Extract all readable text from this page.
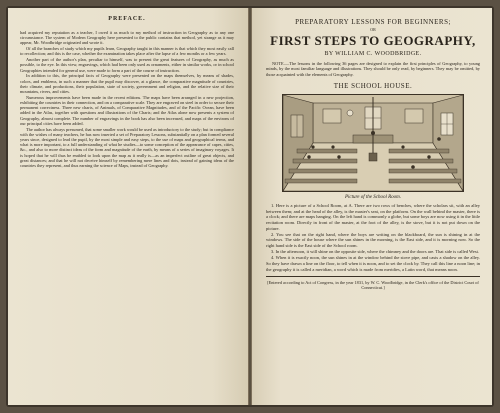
PREFACE.

had acquired my reputation as a teacher, I owed it as much to my method of instruction in Geography as to any one circumstance. The system of Modern Geography here presented to the public contains that method, yet strange as it may appear, Mr. Woodbridge originated and wrote it.

Of all the branches of study which my pupils learn, Geography taught in this manner is that which they most easily call to recollection; and this is the case, whether the examination takes place after the lapse of a few months or a few years.

Another part of the author's plan, peculiar to himself, was to present the great features of Geography, as much as possible, to the eye. In this view, engravings, which had been only used as ornaments, either in similar works, or in school Geographies intended for general use, were made to form a part of the course of instruction.

In addition to this, the principal facts of Geography were presented on the maps themselves, by means of shades, colors, and emblems, in such a manner that the pupil may discover, at a glance, the comparative magnitude of countries, their climate, and productions, their population, state of society, government and religion, and the relative size of their mountains, rivers, and cities.

Numerous improvements have been made in the recent editions. The maps have been arranged in a new projection, exhibiting the countries in their connection, and on a comparative scale. They are engraved on steel in order to secure their permanent correctness. Three new charts, of Animals, of Comparative Magnitudes, and of the Pacific Ocean, have been added in the Atlas, together with questions and illustrations of the Charts; and the Atlas alone now presents a system of Geography, almost complete. The number of engravings in the book has also been increased, and maps of the environs of our principal cities have been added.

The author has always presumed, that some smaller work would be used as introductory to the study; but in compliance with the wishes of many teachers, he has now inserted a set of Preparatory Lessons, substantially on a plan formed several years since, designed to lead the pupil, by the most simple and easy steps, to the use of maps and geographical terms, and what is more important, to a full understanding of what he studies—to some conception of the appearance of capes, cities, &c., and also to more distinct ideas of the form and magnitude of the earth, by means of a series of imaginary voyages. It is hoped that he will thus be enabled to look upon the map as it really is—as an imperfect outline of great objects, and great distances; and that he will not deceive himself by remembering mere lines and dots, instead of gaining ideas of the countries they represent, and thus earning the science of Maps, instead of Geography.

PREPARATORY LESSONS FOR BEGINNERS;
OR
FIRST STEPS TO GEOGRAPHY,
BY WILLIAM C. WOODBRIDGE.
NOTE.—The lessons in the following 36 pages are designed to explain the first principles of Geography, to young minds, by the most familiar language and illustrations. They should be only read, by beginners. They may be omitted, by those acquainted with the elements of Geography.
THE SCHOOL HOUSE.
Picture of the School Room.

1. Here is a picture of a School Room, at A. There are two rows of benches, where the scholars sit, with an alley between them; and at the head of the alley, is the master's seat, on the platform. On the wall behind the master, there is a clock; and there are maps hanging. On the left hand is commonly a globe, but some boys are now using it in the little recitation room. Directly in front of the master, at the foot of the alley, is the stove, but it is not put down on the picture.

2. You see that on the right hand, where the boys are writing on the blackboard, the sun is shining in at the windows. The side of the house where the sun shines in the morning, is the East side, and it is morning now. So the right hand side is the East side of the School room.

3. In the afternoon, it will shine on the opposite side, where the chimney and the doors are. That side is called West.

4. When it is exactly noon, the sun shines in at the window behind the stove pipe, and casts a shadow on the alley. So they have drawn a line on the floor, to tell when it is noon, and to set the clock by. They call this line a noon line; in the geography it is called a meridian, a word which is made from meridies, a Latin word, that means noon.

[Entered according to Act of Congress, in the year 1831, by W. C. Woodbridge, in the Clerk's office of the District Court of Connecticut.]
